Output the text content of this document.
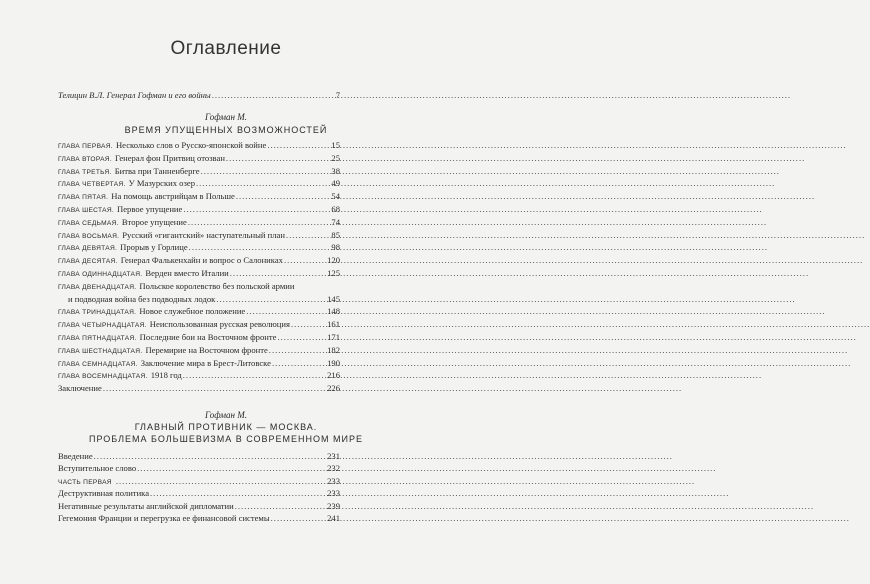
Оглавление
Телицин В.Л. Генерал Гофман и его войны .....	7
Гофман М.
ВРЕМЯ УПУЩЕННЫХ ВОЗМОЖНОСТЕЙ
Гофман М.
ГЛАВНЫЙ ПРОТИВНИК — МОСКВА.
ПРОБЛЕМА БОЛЬШЕВИЗМА В СОВРЕМЕННОМ МИРЕ
ГЛАВА ПЕРВАЯ. Несколько слов о Русско-японской войне .....	15
ГЛАВА ВТОРАЯ. Генерал фон Притвиц отозван .....	25
ГЛАВА ТРЕТЬЯ. Битва при Танненберге .....	38
ГЛАВА ЧЕТВЕРТАЯ. У Мазурских озер .....	49
ГЛАВА ПЯТАЯ. На помощь австрийцам в Польше .....	54
ГЛАВА ШЕСТАЯ. Первое упущение .....	68
ГЛАВА СЕДЬМАЯ. Второе упущение .....	74
ГЛАВА ВОСЬМАЯ. Русский «гигантский» наступательный план .....	85
ГЛАВА ДЕВЯТАЯ. Прорыв у Горлице .....	98
ГЛАВА ДЕСЯТАЯ. Генерал Фалькенхайн и вопрос о Салониках .....	120
ГЛАВА ОДИННАДЦАТАЯ. Верден вместо Италии .....	125
ГЛАВА ДВЕНАДЦАТАЯ. Польское королевство без польской армии
и подводная война без подводных лодок .....	145
ГЛАВА ТРИНАДЦАТАЯ. Новое служебное положение .....	148
ГЛАВА ЧЕТЫРНАДЦАТАЯ. Неиспользованная русская революция .....	161
ГЛАВА ПЯТНАДЦАТАЯ. Последние бои на Восточном фронте .....	171
ГЛАВА ШЕСТНАДЦАТАЯ. Перемирие на Восточном фронте .....	182
ГЛАВА СЕМНАДЦАТАЯ. Заключение мира в Брест-Литовске .....	190
ГЛАВА ВОСЕМНАДЦАТАЯ. 1918 год .....	216
Заключение .....	226
Введение .....	231
Вступительное слово .....	232
ЧАСТЬ ПЕРВАЯ .....	233
Деструктивная политика .....	233
Негативные результаты английской дипломатии .....	239
Гегемония Франции и перегрузка ее финансовой системы .....	241
